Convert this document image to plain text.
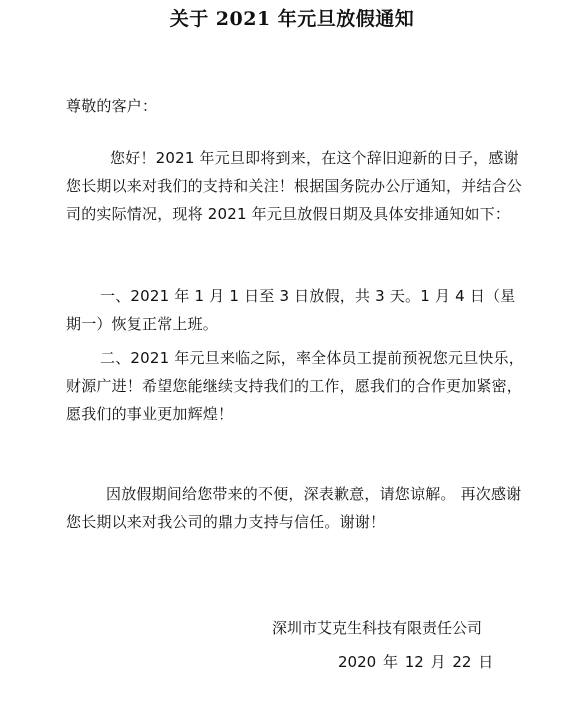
关于 2021 年元旦放假通知
尊敬的客户：
您好！2021 年元旦即将到来，在这个辞旧迎新的日子，感谢您长期以来对我们的支持和关注！根据国务院办公厅通知，并结合公司的实际情况，现将 2021 年元旦放假日期及具体安排通知如下：
一、2021 年 1 月 1 日至 3 日放假，共 3 天。1 月 4 日（星期一）恢复正常上班。
二、2021 年元旦来临之际，率全体员工提前预祝您元旦快乐，财源广进！希望您能继续支持我们的工作，愿我们的合作更加紧密，愿我们的事业更加辉煌！
因放假期间给您带来的不便，深表歉意，请您谅解。 再次感谢您长期以来对我公司的鼎力支持与信任。谢谢！
深圳市艾克生科技有限责任公司
2020 年 12 月 22 日
